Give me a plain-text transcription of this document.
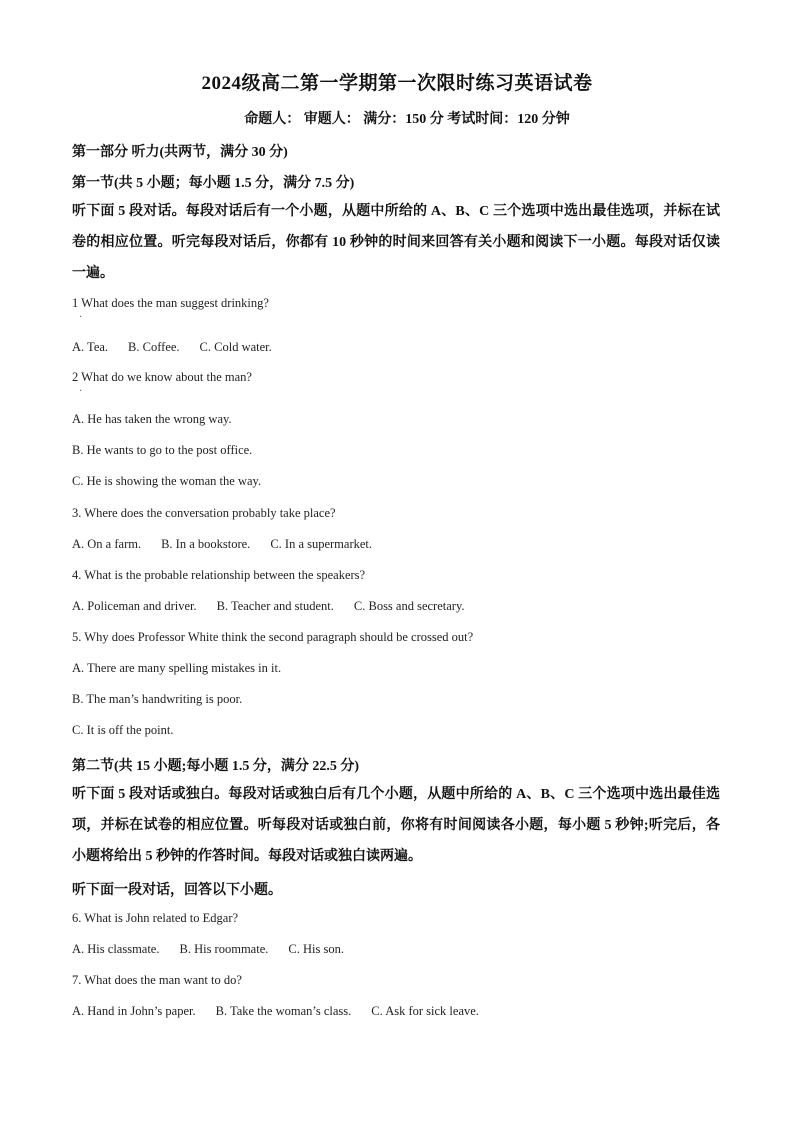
2024级高二第一学期第一次限时练习英语试卷
命题人： 审题人： 满分：150 分 考试时间：120 分钟
第一部分 听力(共两节，满分 30 分)
第一节(共 5 小题；每小题 1.5 分，满分 7.5 分)
听下面 5 段对话。每段对话后有一个小题，从题中所给的 A、B、C 三个选项中选出最佳选项，并标在试卷的相应位置。听完每段对话后，你都有 10 秒钟的时间来回答有关小题和阅读下一小题。每段对话仅读一遍。
1 What does the man suggest drinking?
·
A. Tea. B. Coffee. C. Cold water.
2 What do we know about the man?
·
A. He has taken the wrong way.
B. He wants to go to the post office.
C. He is showing the woman the way.
3. Where does the conversation probably take place?
A. On a farm. B. In a bookstore. C. In a supermarket.
4. What is the probable relationship between the speakers?
A. Policeman and driver. B. Teacher and student. C. Boss and secretary.
5. Why does Professor White think the second paragraph should be crossed out?
A. There are many spelling mistakes in it.
B. The man’s handwriting is poor.
C. It is off the point.
第二节(共 15 小题;每小题 1.5 分，满分 22.5 分)
听下面 5 段对话或独白。每段对话或独白后有几个小题，从题中所给的 A、B、C 三个选项中选出最佳选项，并标在试卷的相应位置。听每段对话或独白前，你将有时间阅读各小题，每小题 5 秒钟;听完后，各小题将给出 5 秒钟的作答时间。每段对话或独白读两遍。
听下面一段对话，回答以下小题。
6. What is John related to Edgar?
A. His classmate. B. His roommate. C. His son.
7. What does the man want to do?
A. Hand in John’s paper. B. Take the woman’s class. C. Ask for sick leave.
